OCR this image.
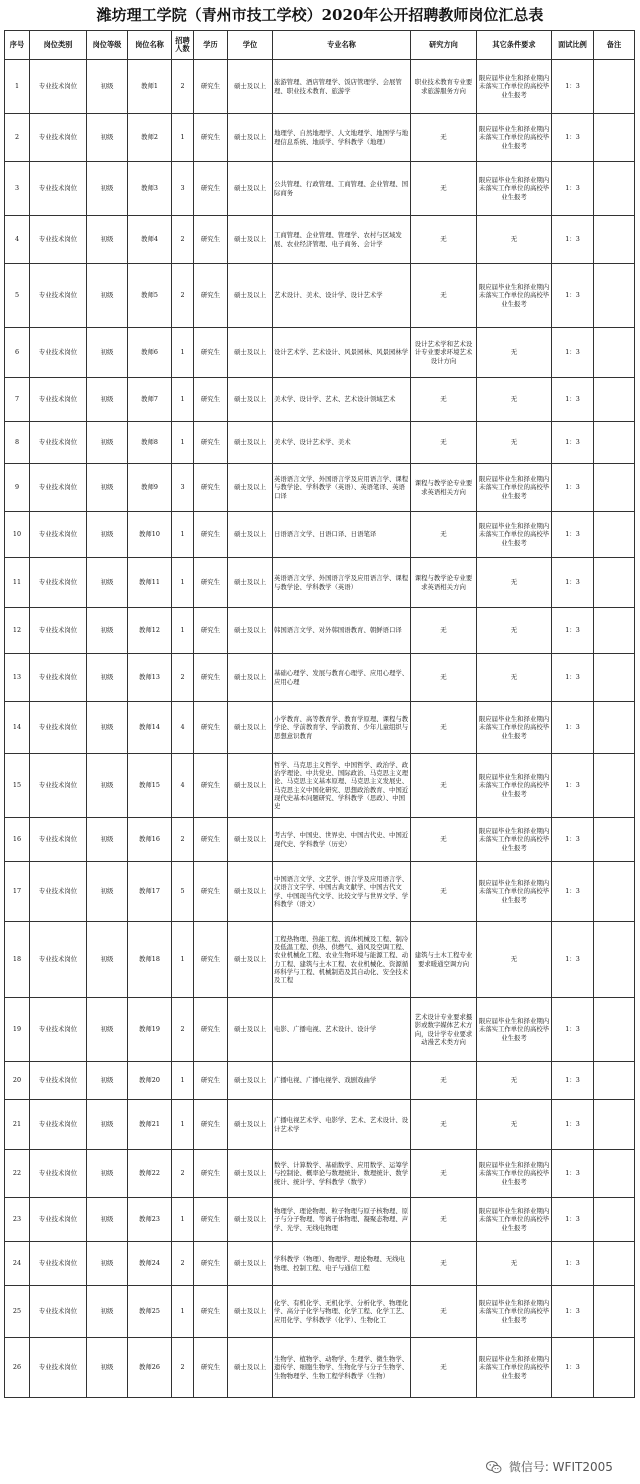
潍坊理工学院（青州市技工学校）2020年公开招聘教师岗位汇总表
序号	岗位类别	岗位等级	岗位名称	招聘人数	学历	学位	专业名称	研究方向	其它条件要求	面试比例	备注
1	专业技术岗位	初级	教师1	2	研究生	硕士及以上	旅游管理、酒店管理学、饭店管理学、会展管理、职业技术教育、旅游学	职业技术教育专业要求旅游服务方向	限应届毕业生和择业期内未落实工作单位的高校毕业生报考	1：3	
2	专业技术岗位	初级	教师2	1	研究生	硕士及以上	地理学、自然地理学、人文地理学、地图学与地理信息系统、地质学、学科教学（地理）	无	限应届毕业生和择业期内未落实工作单位的高校毕业生报考	1：3	
3	专业技术岗位	初级	教师3	3	研究生	硕士及以上	公共管理、行政管理、工商管理、企业管理、国际商务	无	限应届毕业生和择业期内未落实工作单位的高校毕业生报考	1：3	
4	专业技术岗位	初级	教师4	2	研究生	硕士及以上	工商管理、企业管理、管理学、农村与区域发展、农业经济管理、电子商务、会计学	无	无	1：3	
5	专业技术岗位	初级	教师5	2	研究生	硕士及以上	艺术设计、美术、设计学、设计艺术学	无	限应届毕业生和择业期内未落实工作单位的高校毕业生报考	1：3	
6	专业技术岗位	初级	教师6	1	研究生	硕士及以上	设计艺术学、艺术设计、风景园林、风景园林学	设计艺术学和艺术设计专业要求环境艺术设计方向	无	1：3	
7	专业技术岗位	初级	教师7	1	研究生	硕士及以上	美术学、设计学、艺术、艺术设计领域艺术	无	无	1：3	
8	专业技术岗位	初级	教师8	1	研究生	硕士及以上	美术学、设计艺术学、美术	无	无	1：3	
9	专业技术岗位	初级	教师9	3	研究生	硕士及以上	英语语言文学、外国语言学及应用语言学、课程与教学论、学科教学（英语）、英语笔译、英语口译	课程与教学论专业要求英语相关方向	限应届毕业生和择业期内未落实工作单位的高校毕业生报考	1：3	
10	专业技术岗位	初级	教师10	1	研究生	硕士及以上	日语语言文学、日语口译、日语笔译	无	限应届毕业生和择业期内未落实工作单位的高校毕业生报考	1：3	
11	专业技术岗位	初级	教师11	1	研究生	硕士及以上	英语语言文学、外国语言学及应用语言学、课程与教学论、学科教学（英语）	课程与教学论专业要求英语相关方向	无	1：3	
12	专业技术岗位	初级	教师12	1	研究生	硕士及以上	韩国语言文学、对外韩国语教育、朝鲜语口译	无	无	1：3	
13	专业技术岗位	初级	教师13	2	研究生	硕士及以上	基础心理学、发展与教育心理学、应用心理学、应用心理	无	无	1：3	
14	专业技术岗位	初级	教师14	4	研究生	硕士及以上	小学教育、高等教育学、教育学原理、课程与教学论、学前教育学、学前教育、少年儿童组织与思想意识教育	无	限应届毕业生和择业期内未落实工作单位的高校毕业生报考	1：3	
15	专业技术岗位	初级	教师15	4	研究生	硕士及以上	哲学、马克思主义哲学、中国哲学、政治学、政治学理论、中共党史、国际政治、马克思主义理论、马克思主义基本原理、马克思主义发展史、马克思主义中国化研究、思想政治教育、中国近现代史基本问题研究、学科教学（思政）、中国史	无	限应届毕业生和择业期内未落实工作单位的高校毕业生报考	1：3	
16	专业技术岗位	初级	教师16	2	研究生	硕士及以上	考古学、中国史、世界史、中国古代史、中国近现代史、学科教学（历史）	无	限应届毕业生和择业期内未落实工作单位的高校毕业生报考	1：3	
17	专业技术岗位	初级	教师17	5	研究生	硕士及以上	中国语言文学、文艺学、语言学及应用语言学、汉语言文字学、中国古典文献学、中国古代文学、中国现当代文学、比较文学与世界文学、学科教学（语文）	无	限应届毕业生和择业期内未落实工作单位的高校毕业生报考	1：3	
18	专业技术岗位	初级	教师18	1	研究生	硕士及以上	工程热物理、热能工程、流体机械及工程、制冷及低温工程、供热、供燃气、通风及空调工程、农业机械化工程、农业生物环境与能源工程、动力工程、建筑与土木工程、农业机械化、资源循环科学与工程、机械制造及其自动化、安全技术及工程	建筑与土木工程专业要求暖通空调方向	无	1：3	
19	专业技术岗位	初级	教师19	2	研究生	硕士及以上	电影、广播电视、艺术设计、设计学	艺术设计专业要求摄影或数字媒体艺术方向，设计学专业要求动漫艺术类方向	限应届毕业生和择业期内未落实工作单位的高校毕业生报考	1：3	
20	专业技术岗位	初级	教师20	1	研究生	硕士及以上	广播电视、广播电视学、戏剧戏曲学	无	无	1：3	
21	专业技术岗位	初级	教师21	1	研究生	硕士及以上	广播电视艺术学、电影学、艺术、艺术设计、设计艺术学	无	无	1：3	
22	专业技术岗位	初级	教师22	2	研究生	硕士及以上	数学、计算数学、基础数学、应用数学、运筹学与控制论、概率论与数理统计、数理统计、数学统计、统计学、学科教学（数学）	无	限应届毕业生和择业期内未落实工作单位的高校毕业生报考	1：3	
23	专业技术岗位	初级	教师23	1	研究生	硕士及以上	物理学、理论物理、粒子物理与原子核物理、原子与分子物理、等离子体物理、凝聚态物理、声学、光学、无线电物理	无	限应届毕业生和择业期内未落实工作单位的高校毕业生报考	1：3	
24	专业技术岗位	初级	教师24	2	研究生	硕士及以上	学科教学（物理）、物理学、理论物理、无线电物理、控制工程、电子与通信工程	无	无	1：3	
25	专业技术岗位	初级	教师25	1	研究生	硕士及以上	化学、有机化学、无机化学、分析化学、物理化学、高分子化学与物理、化学工程、化学工艺、应用化学、学科教学（化学）、生物化工	无	限应届毕业生和择业期内未落实工作单位的高校毕业生报考	1：3	
26	专业技术岗位	初级	教师26	2	研究生	硕士及以上	生物学、植物学、动物学、生理学、微生物学、遗传学、细胞生物学、生物化学与分子生物学、生物物理学、生物工程学科教学（生物）	无	限应届毕业生和择业期内未落实工作单位的高校毕业生报考	1：3	
微信号: WFIT2005
